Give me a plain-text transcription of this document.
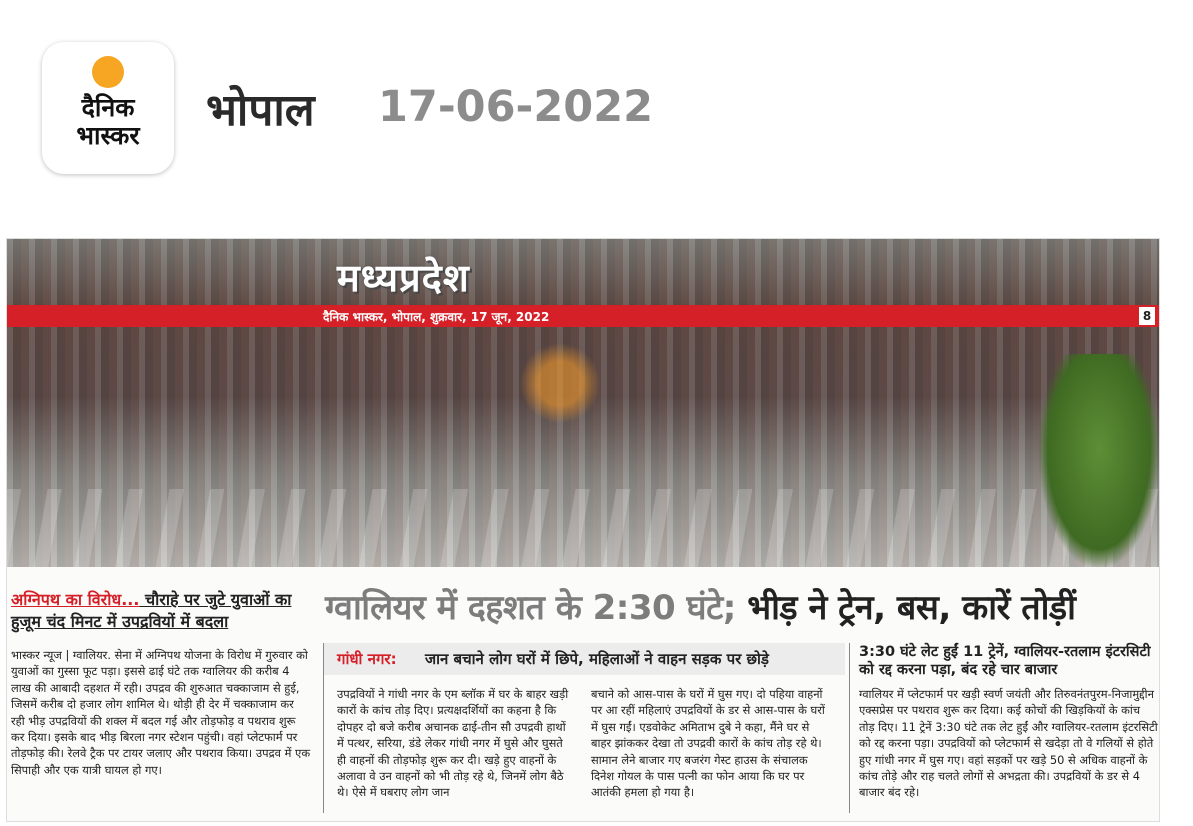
दैनिक
भास्कर	भोपाल 17-06-2022
मध्यप्रदेश
दैनिक भास्कर, भोपाल, शुक्रवार, 17 जून, 2022	8
अग्निपथ का विरोध... चौराहे पर जुटे युवाओं का हुजूम चंद मिनट में उपद्रवियों में बदला
भास्कर न्यूज | ग्वालियर. सेना में अग्निपथ योजना के विरोध में गुरुवार को युवाओं का गुस्सा फूट पड़ा। इससे ढाई घंटे तक ग्वालियर की करीब 4 लाख की आबादी दहशत में रही। उपद्रव की शुरुआत चक्काजाम से हुई, जिसमें करीब दो हजार लोग शामिल थे। थोड़ी ही देर में चक्काजाम कर रही भीड़ उपद्रवियों की शक्ल में बदल गई और तोड़फोड़ व पथराव शुरू कर दिया। इसके बाद भीड़ बिरला नगर स्टेशन पहुंची। वहां प्लेटफार्म पर तोड़फोड़ की। रेलवे ट्रैक पर टायर जलाए और पथराव किया। उपद्रव में एक सिपाही और एक यात्री घायल हो गए।
ग्वालियर में दहशत के 2:30 घंटे; भीड़ ने ट्रेन, बस, कारें तोड़ीं
गांधी नगर: जान बचाने लोग घरों में छिपे, महिलाओं ने वाहन सड़क पर छोड़े
उपद्रवियों ने गांधी नगर के एम ब्लॉक में घर के बाहर खड़ी कारों के कांच तोड़ दिए। प्रत्यक्षदर्शियों का कहना है कि दोपहर दो बजे करीब अचानक ढाई-तीन सौ उपद्रवी हाथों में पत्थर, सरिया, डंडे लेकर गांधी नगर में घुसे और घुसते ही वाहनों की तोड़फोड़ शुरू कर दी। खड़े हुए वाहनों के अलावा वे उन वाहनों को भी तोड़ रहे थे, जिनमें लोग बैठे थे। ऐसे में घबराए लोग जान
बचाने को आस-पास के घरों में घुस गए। दो पहिया वाहनों पर आ रहीं महिलाएं उपद्रवियों के डर से आस-पास के घरों में घुस गईं। एडवोकेट अमिताभ दुबे ने कहा, मैंने घर से बाहर झांककर देखा तो उपद्रवी कारों के कांच तोड़ रहे थे। सामान लेने बाजार गए बजरंग गेस्ट हाउस के संचालक दिनेश गोयल के पास पत्नी का फोन आया कि घर पर आतंकी हमला हो गया है।
3:30 घंटे लेट हुईं 11 ट्रेनें, ग्वालियर-रतलाम इंटरसिटी को रद्द करना पड़ा, बंद रहे चार बाजार
ग्वालियर में प्लेटफार्म पर खड़ी स्वर्ण जयंती और तिरुवनंतपुरम-निजामुद्दीन एक्सप्रेस पर पथराव शुरू कर दिया। कई कोचों की खिड़कियों के कांच तोड़ दिए। 11 ट्रेनें 3:30 घंटे तक लेट हुईं और ग्वालियर-रतलाम इंटरसिटी को रद्द करना पड़ा। उपद्रवियों को प्लेटफार्म से खदेड़ा तो वे गलियों से होते हुए गांधी नगर में घुस गए। वहां सड़कों पर खड़े 50 से अधिक वाहनों के कांच तोड़े और राह चलते लोगों से अभद्रता की। उपद्रवियों के डर से 4 बाजार बंद रहे।
